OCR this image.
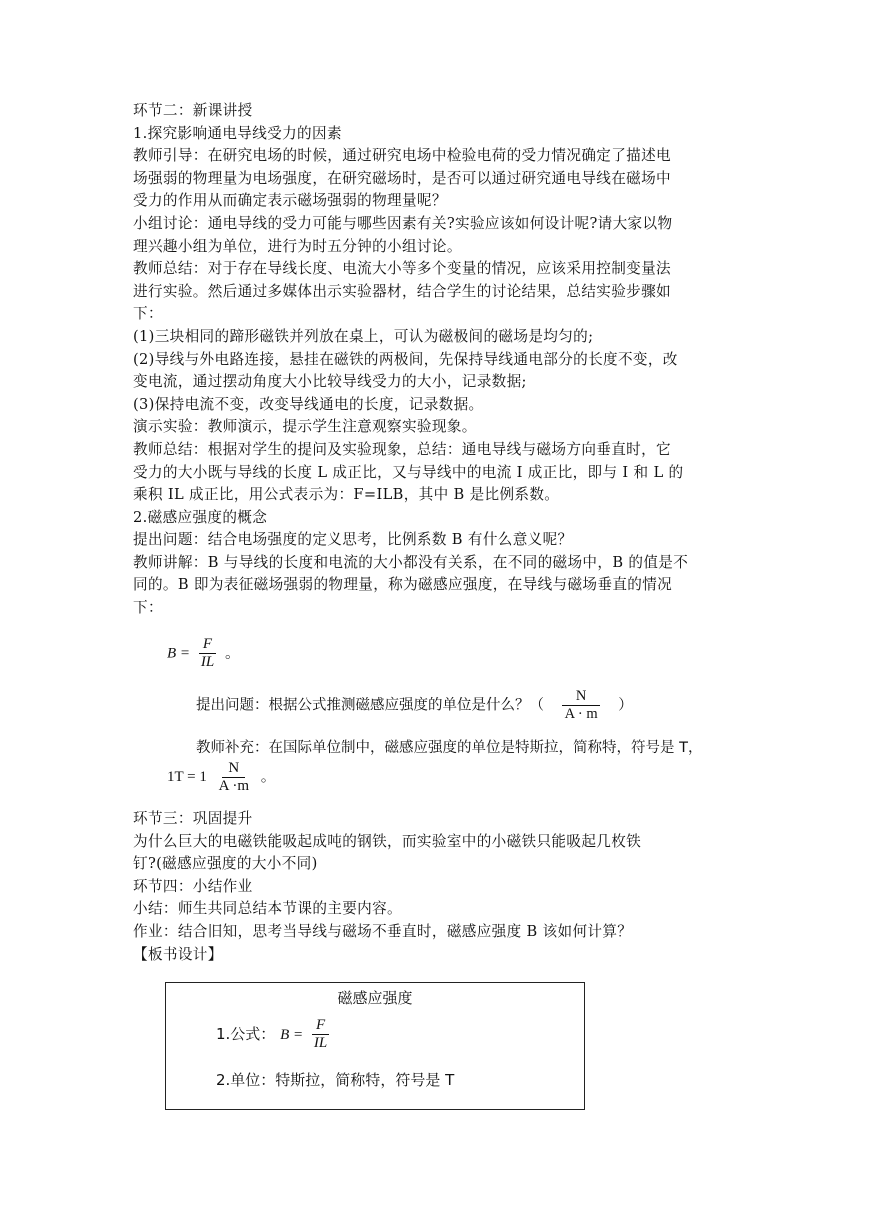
环节二：新课讲授
1.探究影响通电导线受力的因素
教师引导：在研究电场的时候，通过研究电场中检验电荷的受力情况确定了描述电
场强弱的物理量为电场强度，在研究磁场时，是否可以通过研究通电导线在磁场中
受力的作用从而确定表示磁场强弱的物理量呢？
小组讨论：通电导线的受力可能与哪些因素有关?实验应该如何设计呢?请大家以物
理兴趣小组为单位，进行为时五分钟的小组讨论。
教师总结：对于存在导线长度、电流大小等多个变量的情况，应该采用控制变量法
进行实验。然后通过多媒体出示实验器材，结合学生的讨论结果，总结实验步骤如
下：
(1)三块相同的蹄形磁铁并列放在桌上，可认为磁极间的磁场是均匀的;
(2)导线与外电路连接，悬挂在磁铁的两极间，先保持导线通电部分的长度不变，改
变电流，通过摆动角度大小比较导线受力的大小，记录数据;
(3)保持电流不变，改变导线通电的长度，记录数据。
演示实验：教师演示，提示学生注意观察实验现象。
教师总结：根据对学生的提问及实验现象，总结：通电导线与磁场方向垂直时，它
受力的大小既与导线的长度 L 成正比，又与导线中的电流 I 成正比，即与 I 和 L 的
乘积 IL 成正比，用公式表示为：F=ILB，其中 B 是比例系数。
2.磁感应强度的概念
提出问题：结合电场强度的定义思考，比例系数 B 有什么意义呢？
教师讲解：B 与导线的长度和电流的大小都没有关系，在不同的磁场中，B 的值是不
同的。B 即为表征磁场强弱的物理量，称为磁感应强度，在导线与磁场垂直的情况
下：
$B = \frac{F}{IL}$ 。
提出问题：根据公式推测磁感应强度的单位是什么？（ $\frac{N}{A \cdot m}$ ）
教师补充：在国际单位制中，磁感应强度的单位是特斯拉，简称特，符号是 T，
$1T = 1 \frac{N}{A \cdot m}$ 。
环节三：巩固提升
为什么巨大的电磁铁能吸起成吨的钢铁，而实验室中的小磁铁只能吸起几枚铁
钉?(磁感应强度的大小不同)
环节四：小结作业
小结：师生共同总结本节课的主要内容。
作业：结合旧知，思考当导线与磁场不垂直时，磁感应强度 B 该如何计算？
【板书设计】
磁感应强度
1.公式： $B = \frac{F}{IL}$
2.单位：特斯拉，简称特，符号是 T
